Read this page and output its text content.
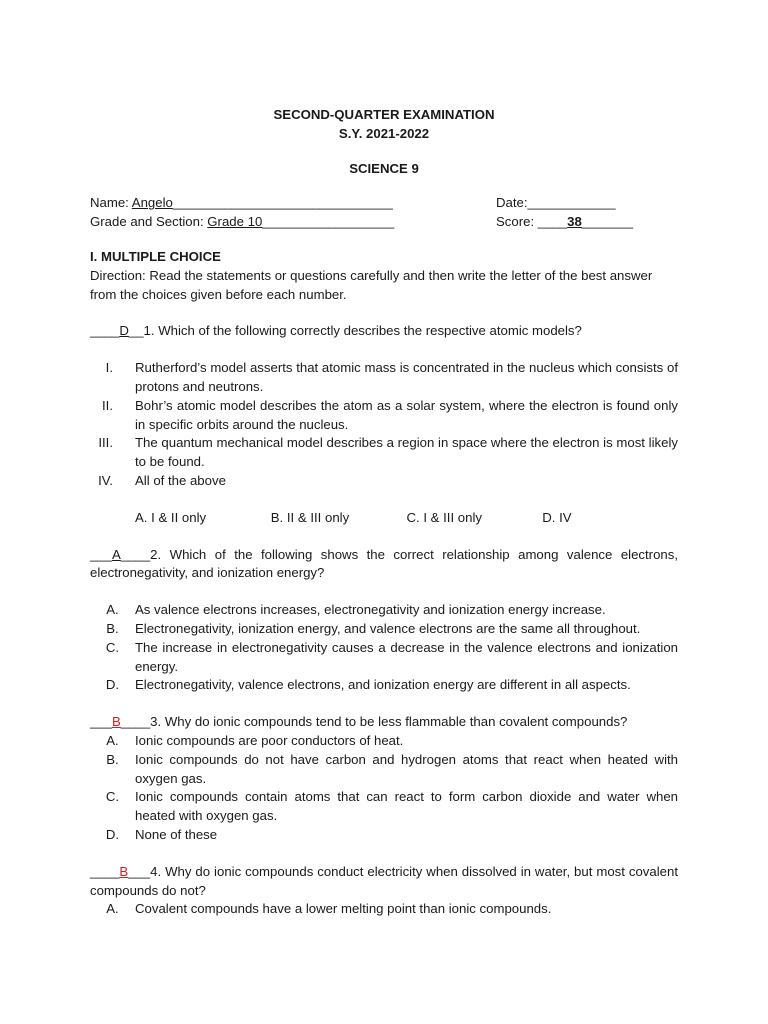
SECOND-QUARTER EXAMINATION
S.Y. 2021-2022
SCIENCE 9
Name: Angelo______________________________	Date:____________
Grade and Section: Grade 10__________________	Score: ____38_______
I. MULTIPLE CHOICE
Direction: Read the statements or questions carefully and then write the letter of the best answer from the choices given before each number.
____D__1. Which of the following correctly describes the respective atomic models?
I.	Rutherford’s model asserts that atomic mass is concentrated in the nucleus which consists of protons and neutrons.
II.	Bohr’s atomic model describes the atom as a solar system, where the electron is found only in specific orbits around the nucleus.
III.	The quantum mechanical model describes a region in space where the electron is most likely to be found.
IV.	All of the above
A. I & II only	B. II & III only	C. I & III only	D. IV
___A____2. Which of the following shows the correct relationship among valence electrons, electronegativity, and ionization energy?
A.	As valence electrons increases, electronegativity and ionization energy increase.
B.	Electronegativity, ionization energy, and valence electrons are the same all throughout.
C.	The increase in electronegativity causes a decrease in the valence electrons and ionization energy.
D.	Electronegativity, valence electrons, and ionization energy are different in all aspects.
___B____3. Why do ionic compounds tend to be less flammable than covalent compounds?
A.	Ionic compounds are poor conductors of heat.
B.	Ionic compounds do not have carbon and hydrogen atoms that react when heated with oxygen gas.
C.	Ionic compounds contain atoms that can react to form carbon dioxide and water when heated with oxygen gas.
D.	None of these
____B___4. Why do ionic compounds conduct electricity when dissolved in water, but most covalent compounds do not?
A.	Covalent compounds have a lower melting point than ionic compounds.
